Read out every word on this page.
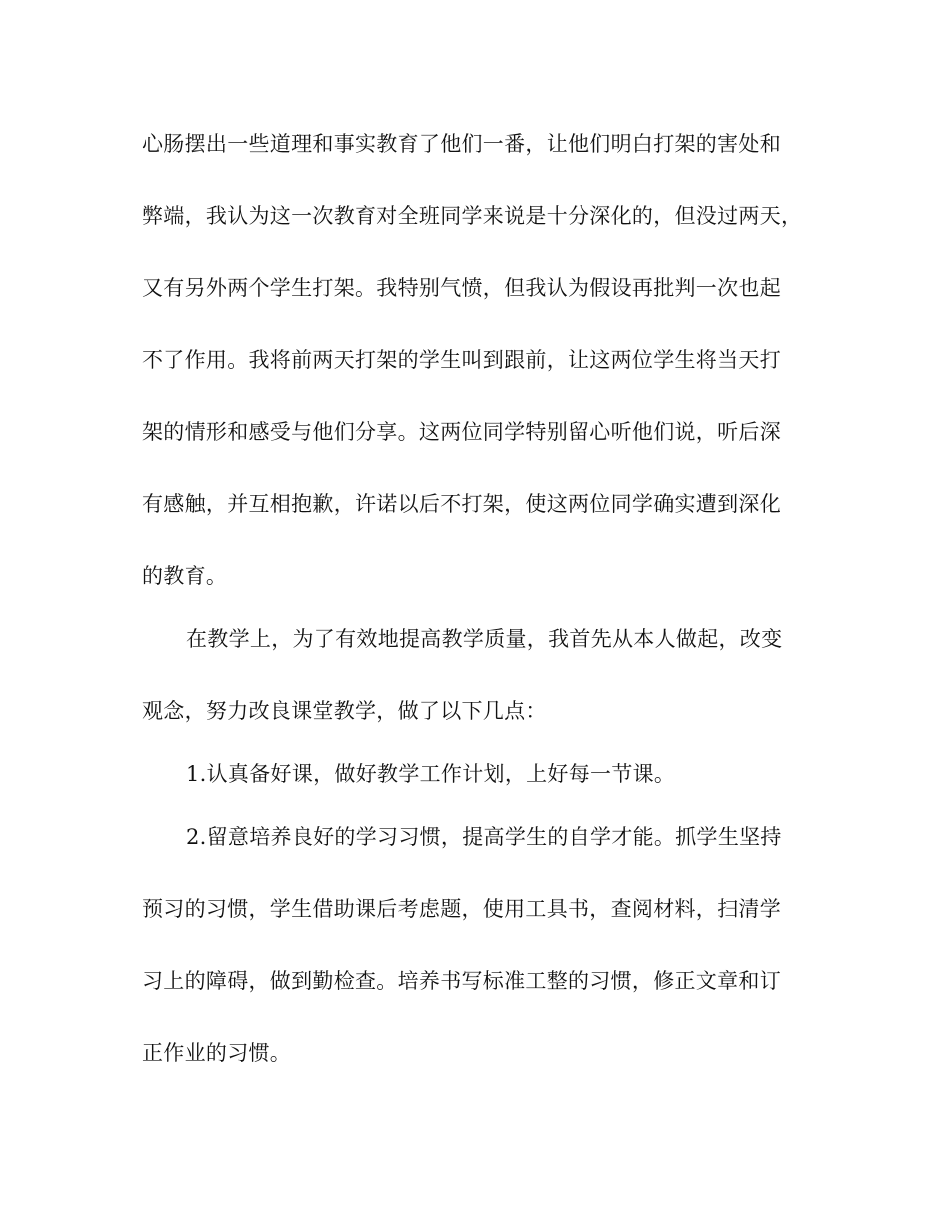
心肠摆出一些道理和事实教育了他们一番，让他们明白打架的害处和
弊端，我认为这一次教育对全班同学来说是十分深化的，但没过两天，
又有另外两个学生打架。我特别气愤，但我认为假设再批判一次也起
不了作用。我将前两天打架的学生叫到跟前，让这两位学生将当天打
架的情形和感受与他们分享。这两位同学特别留心听他们说，听后深
有感触，并互相抱歉，许诺以后不打架，使这两位同学确实遭到深化
的教育。
在教学上，为了有效地提高教学质量，我首先从本人做起，改变
观念，努力改良课堂教学，做了以下几点：
1.认真备好课，做好教学工作计划，上好每一节课。
2.留意培养良好的学习习惯，提高学生的自学才能。抓学生坚持
预习的习惯，学生借助课后考虑题，使用工具书，查阅材料，扫清学
习上的障碍，做到勤检查。培养书写标准工整的习惯，修正文章和订
正作业的习惯。
